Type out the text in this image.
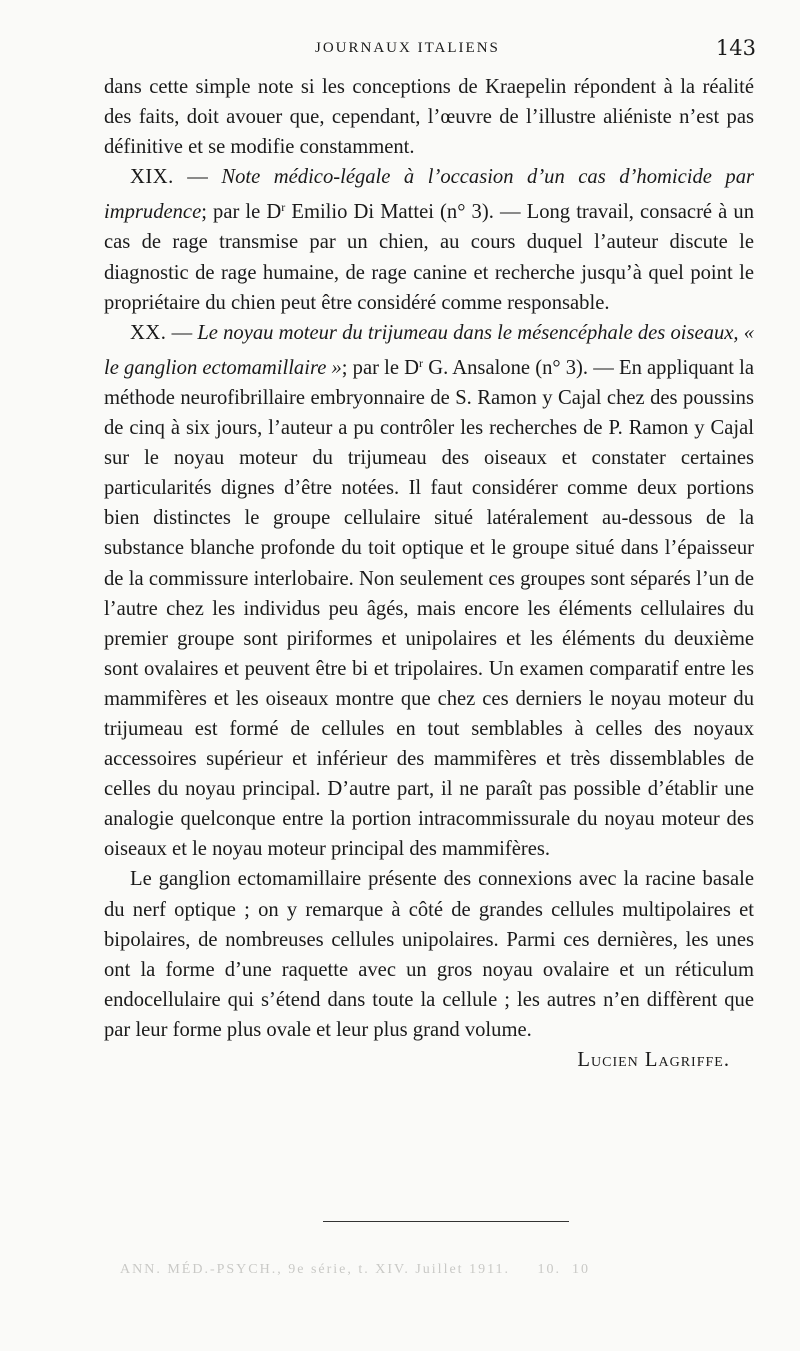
JOURNAUX ITALIENS	143

dans cette simple note si les conceptions de Kraepelin répondent à la réalité des faits, doit avouer que, cependant, l’œuvre de l’illustre aliéniste n’est pas définitive et se modifie constamment.

XIX. — Note médico-légale à l’occasion d’un cas d’homicide par imprudence; par le $D^r$ Emilio Di Mattei (n° 3). — Long travail, consacré à un cas de rage transmise par un chien, au cours duquel l’auteur discute le diagnostic de rage humaine, de rage canine et recherche jusqu’à quel point le propriétaire du chien peut être considéré comme responsable.

XX. — Le noyau moteur du trijumeau dans le mésencéphale des oiseaux, « le ganglion ectomamillaire »; par le $D^r$ G. Ansalone (n° 3). — En appliquant la méthode neurofibrillaire embryonnaire de S. Ramon y Cajal chez des poussins de cinq à six jours, l’auteur a pu contrôler les recherches de P. Ramon y Cajal sur le noyau moteur du trijumeau des oiseaux et constater certaines particularités dignes d’être notées. Il faut considérer comme deux portions bien distinctes le groupe cellulaire situé latéralement au-dessous de la substance blanche profonde du toit optique et le groupe situé dans l’épaisseur de la commissure interlobaire. Non seulement ces groupes sont séparés l’un de l’autre chez les individus peu âgés, mais encore les éléments cellulaires du premier groupe sont piriformes et unipolaires et les éléments du deuxième sont ovalaires et peuvent être bi et tripolaires. Un examen comparatif entre les mammifères et les oiseaux montre que chez ces derniers le noyau moteur du trijumeau est formé de cellules en tout semblables à celles des noyaux accessoires supérieur et inférieur des mammifères et très dissemblables de celles du noyau principal. D’autre part, il ne paraît pas possible d’établir une analogie quelconque entre la portion intracommissurale du noyau moteur des oiseaux et le noyau moteur principal des mammifères.

Le ganglion ectomamillaire présente des connexions avec la racine basale du nerf optique ; on y remarque à côté de grandes cellules multipolaires et bipolaires, de nombreuses cellules unipolaires. Parmi ces dernières, les unes ont la forme d’une raquette avec un gros noyau ovalaire et un réticulum endocellulaire qui s’étend dans toute la cellule ; les autres n’en diffèrent que par leur forme plus ovale et leur plus grand volume.

Lucien Lagriffe.

ANN. MÉD.-PSYCH., 9e série, t. XIV. Juillet 1911.     10.  10
